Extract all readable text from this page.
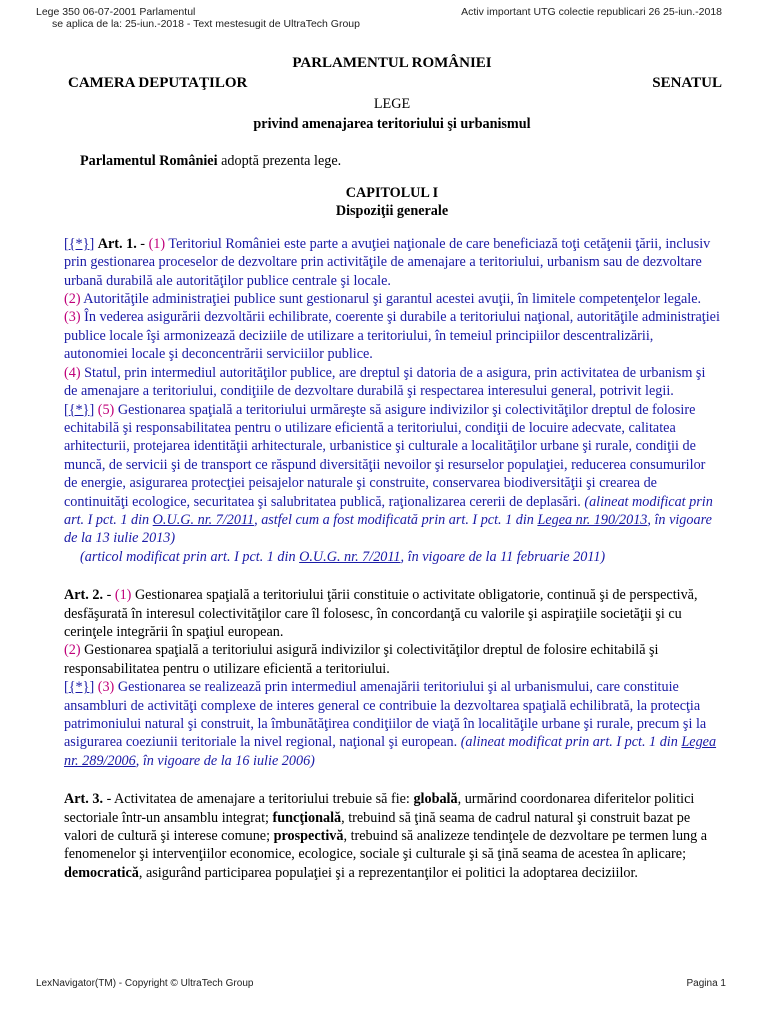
Lege 350 06-07-2001 Parlamentul
se aplica de la: 25-iun.-2018 - Text mestesugit de UltraTech Group
Activ important UTG colectie republicari 26 25-iun.-2018
PARLAMENTUL ROMÂNIEI
CAMERA DEPUTAŢILOR	SENATUL
LEGE
privind amenajarea teritoriului şi urbanismul

Parlamentul României adoptă prezenta lege.

CAPITOLUL I
Dispoziţii generale

[{*}] Art. 1. - (1) Teritoriul României este parte a avuţiei naţionale de care beneficiază toţi cetăţenii ţării, inclusiv prin gestionarea proceselor de dezvoltare prin activităţile de amenajare a teritoriului, urbanism sau de dezvoltare urbană durabilă ale autorităţilor publice centrale şi locale.

(2) Autorităţile administraţiei publice sunt gestionarul şi garantul acestei avuţii, în limitele competenţelor legale.

(3) În vederea asigurării dezvoltării echilibrate, coerente şi durabile a teritoriului naţional, autorităţile administraţiei publice locale îşi armonizează deciziile de utilizare a teritoriului, în temeiul principiilor descentralizării, autonomiei locale şi deconcentrării serviciilor publice.

(4) Statul, prin intermediul autorităţilor publice, are dreptul şi datoria de a asigura, prin activitatea de urbanism şi de amenajare a teritoriului, condiţiile de dezvoltare durabilă şi respectarea interesului general, potrivit legii.

[{*}] (5) Gestionarea spaţială a teritoriului urmăreşte să asigure indivizilor şi colectivităţilor dreptul de folosire echitabilă şi responsabilitatea pentru o utilizare eficientă a teritoriului, condiţii de locuire adecvate, calitatea arhitecturii, protejarea identităţii arhitecturale, urbanistice şi culturale a localităţilor urbane şi rurale, condiţii de muncă, de servicii şi de transport ce răspund diversităţii nevoilor şi resurselor populaţiei, reducerea consumurilor de energie, asigurarea protecţiei peisajelor naturale şi construite, conservarea biodiversităţii şi crearea de continuităţi ecologice, securitatea şi salubritatea publică, raţionalizarea cererii de deplasări. (alineat modificat prin art. I pct. 1 din O.U.G. nr. 7/2011, astfel cum a fost modificată prin art. I pct. 1 din Legea nr. 190/2013, în vigoare de la 13 iulie 2013)

(articol modificat prin art. I pct. 1 din O.U.G. nr. 7/2011, în vigoare de la 11 februarie 2011)

Art. 2. - (1) Gestionarea spaţială a teritoriului ţării constituie o activitate obligatorie, continuă şi de perspectivă, desfăşurată în interesul colectivităţilor care îl folosesc, în concordanţă cu valorile şi aspiraţiile societăţii şi cu cerinţele integrării în spaţiul european.

(2) Gestionarea spaţială a teritoriului asigură indivizilor şi colectivităţilor dreptul de folosire echitabilă şi responsabilitatea pentru o utilizare eficientă a teritoriului.

[{*}] (3) Gestionarea se realizează prin intermediul amenajării teritoriului şi al urbanismului, care constituie ansambluri de activităţi complexe de interes general ce contribuie la dezvoltarea spaţială echilibrată, la protecţia patrimoniului natural şi construit, la îmbunătăţirea condiţiilor de viaţă în localităţile urbane şi rurale, precum şi la asigurarea coeziunii teritoriale la nivel regional, naţional şi european. (alineat modificat prin art. I pct. 1 din Legea nr. 289/2006, în vigoare de la 16 iulie 2006)

Art. 3. - Activitatea de amenajare a teritoriului trebuie să fie: globală, urmărind coordonarea diferitelor politici sectoriale într-un ansamblu integrat; funcţională, trebuind să ţină seama de cadrul natural şi construit bazat pe valori de cultură şi interese comune; prospectivă, trebuind să analizeze tendinţele de dezvoltare pe termen lung a fenomenelor şi intervenţiilor economice, ecologice, sociale şi culturale şi să ţină seama de acestea în aplicare; democratică, asigurând participarea populaţiei şi a reprezentanţilor ei politici la adoptarea deciziilor.

LexNavigator(TM) - Copyright © UltraTech Group	Pagina 1
